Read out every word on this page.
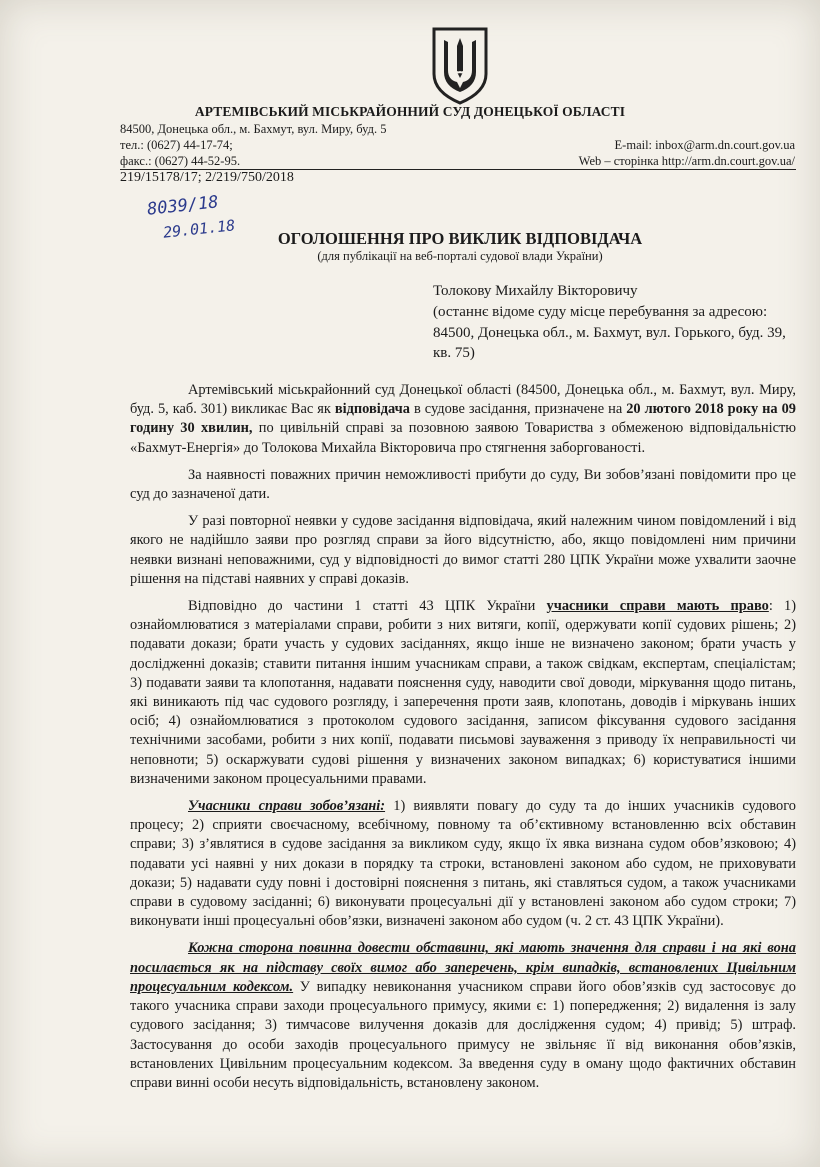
АРТЕМІВСЬКИЙ МІСЬКРАЙОННИЙ СУД ДОНЕЦЬКОЇ ОБЛАСТІ
84500, Донецька обл., м. Бахмут, вул. Миру, буд. 5
тел.: (0627) 44-17-74;
факс.: (0627) 44-52-95.
E-mail: inbox@arm.dn.court.gov.ua
Web – сторінка http://arm.dn.court.gov.ua/
219/15178/17; 2/219/750/2018
8039/18
29.01.18	ОГОЛОШЕННЯ ПРО ВИКЛИК ВІДПОВІДАЧА
(для публікації на веб-порталі судової влади України)
Толокову Михайлу Вікторовичу
(останнє відоме суду місце перебування за адресою: 84500, Донецька обл., м. Бахмут, вул. Горького, буд. 39, кв. 75)

Артемівський міськрайонний суд Донецької області (84500, Донецька обл., м. Бахмут, вул. Миру, буд. 5, каб. 301) викликає Вас як відповідача в судове засідання, призначене на 20 лютого 2018 року на 09 годину 30 хвилин, по цивільній справі за позовною заявою Товариства з обмеженою відповідальністю «Бахмут-Енергія» до Толокова Михайла Вікторовича про стягнення заборгованості.

За наявності поважних причин неможливості прибути до суду, Ви зобов’язані повідомити про це суд до зазначеної дати.

У разі повторної неявки у судове засідання відповідача, який належним чином повідомлений і від якого не надійшло заяви про розгляд справи за його відсутністю, або, якщо повідомлені ним причини неявки визнані неповажними, суд у відповідності до вимог статті 280 ЦПК України може ухвалити заочне рішення на підставі наявних у справі доказів.

Відповідно до частини 1 статті 43 ЦПК України учасники справи мають право: 1) ознайомлюватися з матеріалами справи, робити з них витяги, копії, одержувати копії судових рішень; 2) подавати докази; брати участь у судових засіданнях, якщо інше не визначено законом; брати участь у дослідженні доказів; ставити питання іншим учасникам справи, а також свідкам, експертам, спеціалістам; 3) подавати заяви та клопотання, надавати пояснення суду, наводити свої доводи, міркування щодо питань, які виникають під час судового розгляду, і заперечення проти заяв, клопотань, доводів і міркувань інших осіб; 4) ознайомлюватися з протоколом судового засідання, записом фіксування судового засідання технічними засобами, робити з них копії, подавати письмові зауваження з приводу їх неправильності чи неповноти; 5) оскаржувати судові рішення у визначених законом випадках; 6) користуватися іншими визначеними законом процесуальними правами.

Учасники справи зобов’язані: 1) виявляти повагу до суду та до інших учасників судового процесу; 2) сприяти своєчасному, всебічному, повному та об’єктивному встановленню всіх обставин справи; 3) з’являтися в судове засідання за викликом суду, якщо їх явка визнана судом обов’язковою; 4) подавати усі наявні у них докази в порядку та строки, встановлені законом або судом, не приховувати докази; 5) надавати суду повні і достовірні пояснення з питань, які ставляться судом, а також учасниками справи в судовому засіданні; 6) виконувати процесуальні дії у встановлені законом або судом строки; 7) виконувати інші процесуальні обов’язки, визначені законом або судом (ч. 2 ст. 43 ЦПК України).

Кожна сторона повинна довести обставини, які мають значення для справи і на які вона посилається як на підставу своїх вимог або заперечень, крім випадків, встановлених Цивільним процесуальним кодексом. У випадку невиконання учасником справи його обов’язків суд застосовує до такого учасника справи заходи процесуального примусу, якими є: 1) попередження; 2) видалення із залу судового засідання; 3) тимчасове вилучення доказів для дослідження судом; 4) привід; 5) штраф. Застосування до особи заходів процесуального примусу не звільняє її від виконання обов’язків, встановлених Цивільним процесуальним кодексом. За введення суду в оману щодо фактичних обставин справи винні особи несуть відповідальність, встановлену законом.
